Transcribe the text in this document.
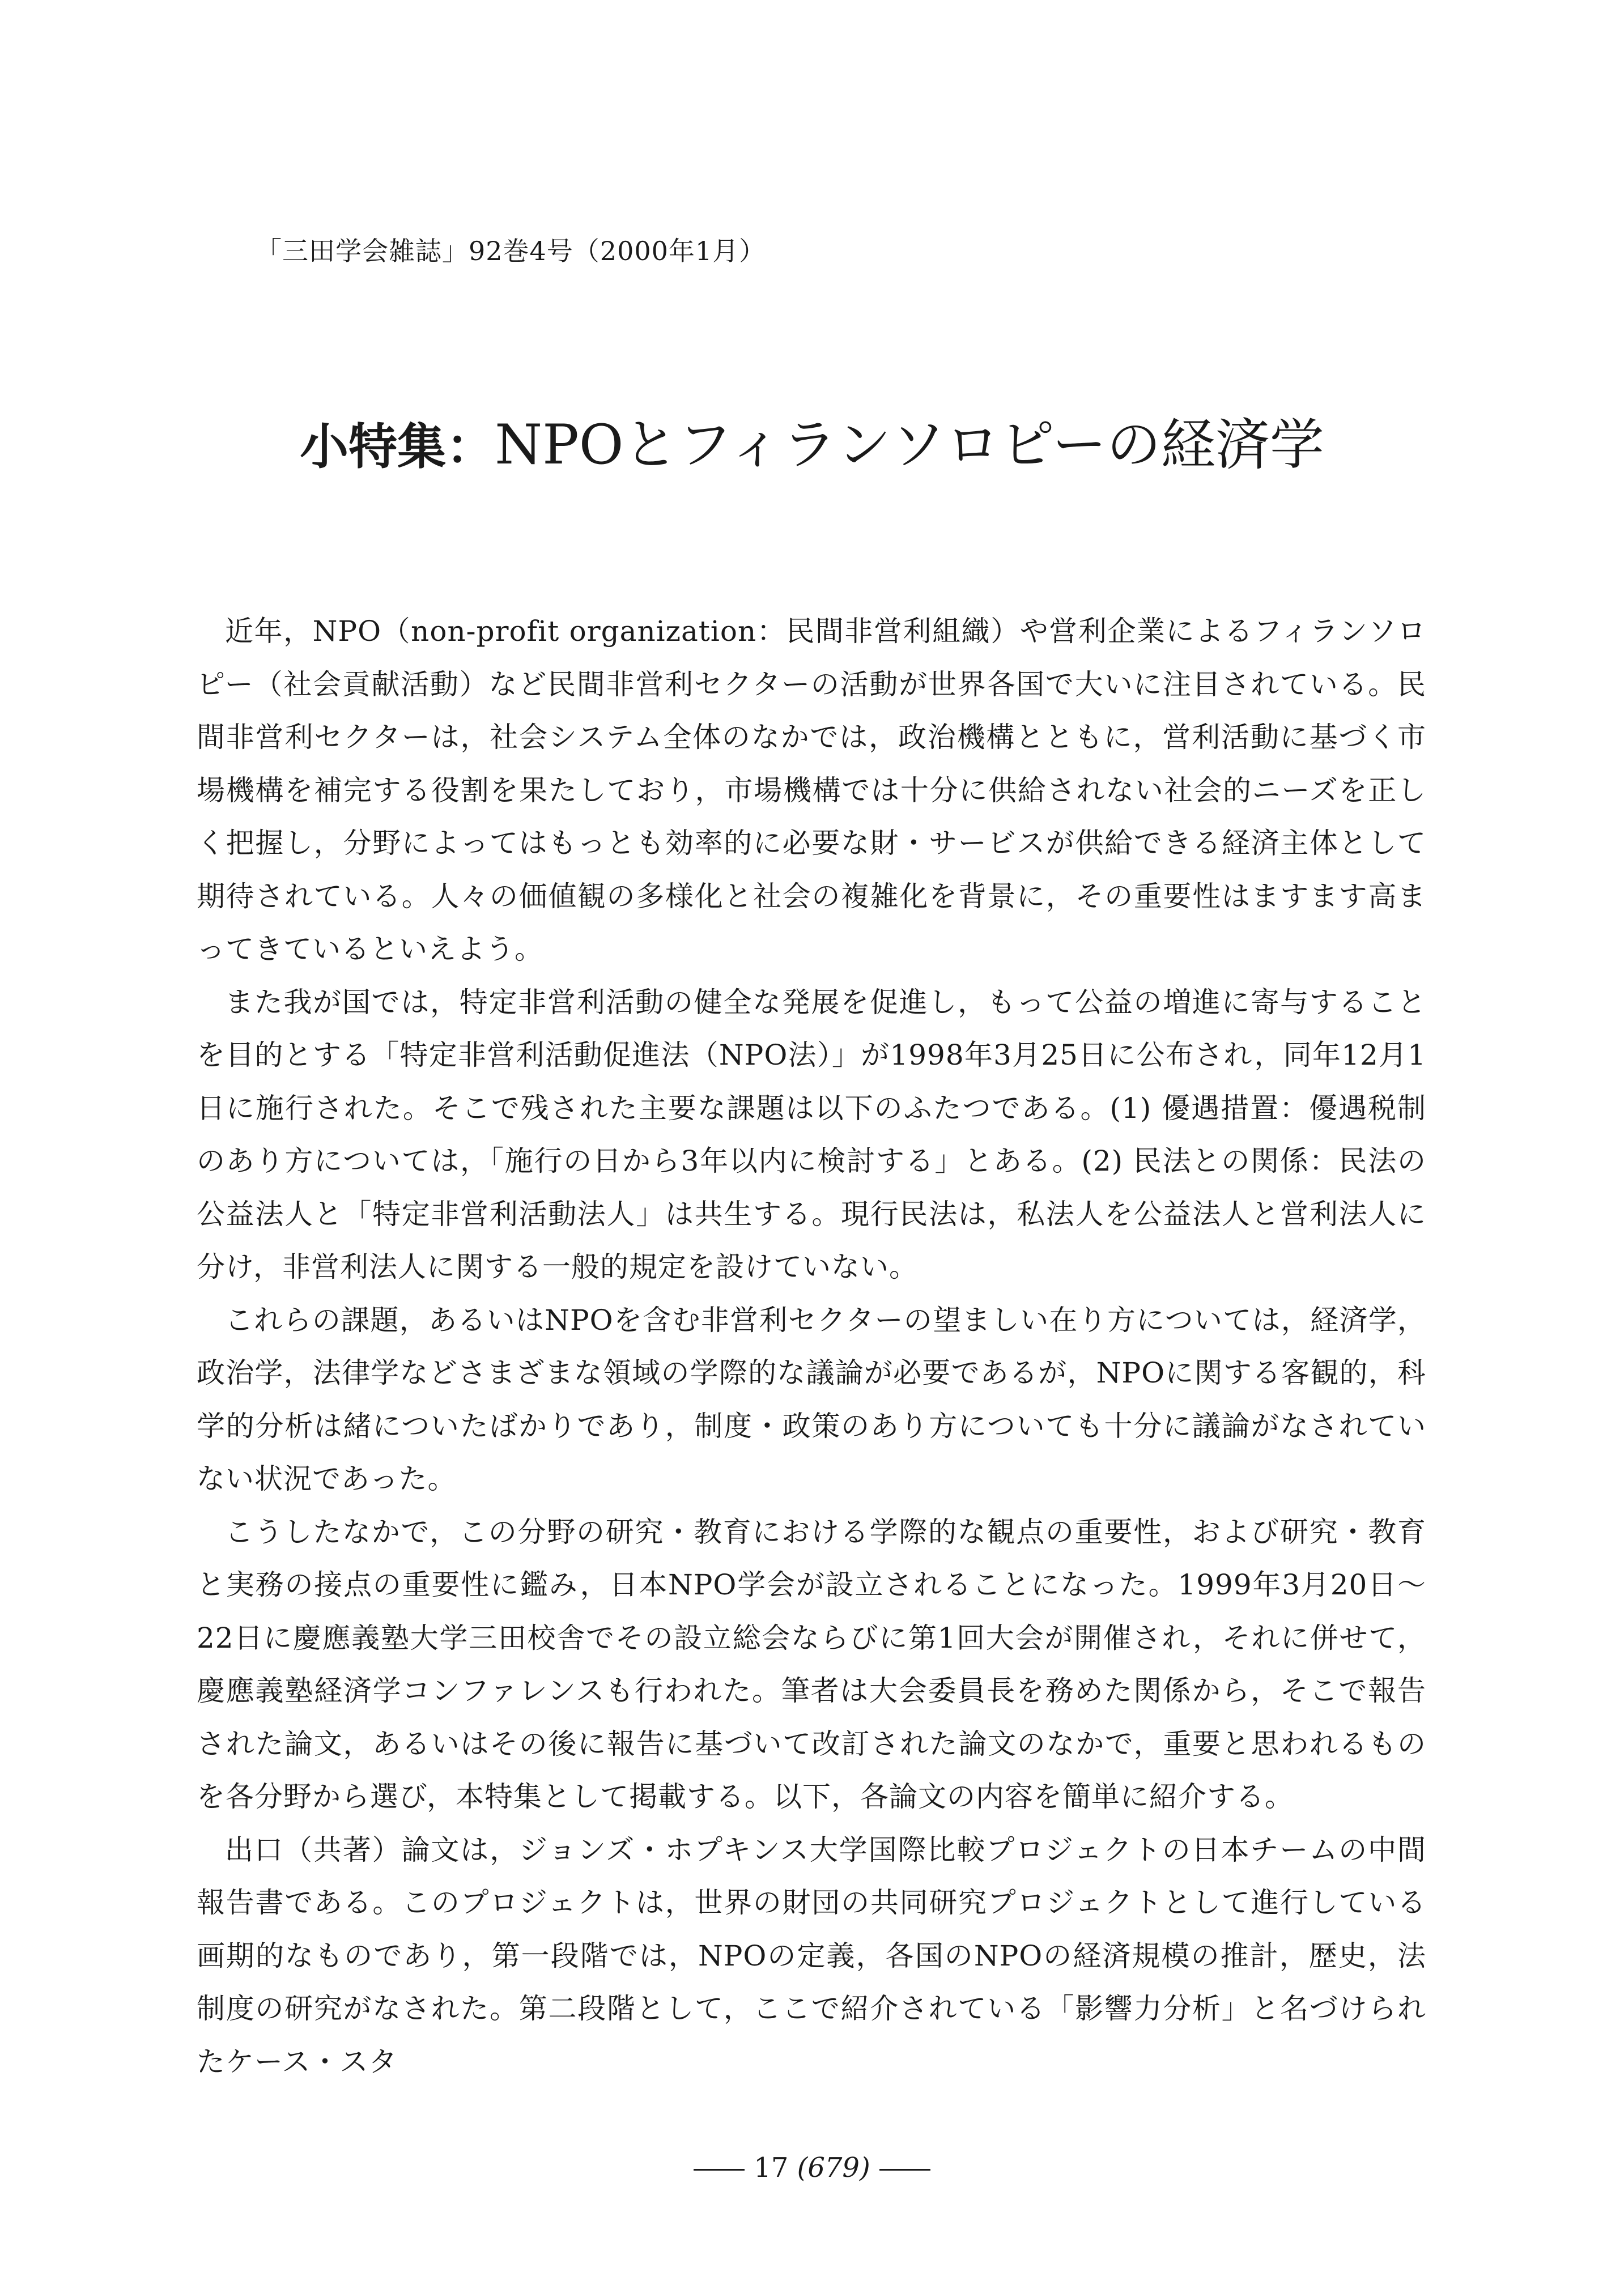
「三田学会雑誌」92巻4号（2000年1月）
小特集：NPOとフィランソロピーの経済学

近年，NPO（non-profit organization：民間非営利組織）や営利企業によるフィランソロピー（社会貢献活動）など民間非営利セクターの活動が世界各国で大いに注目されている。民間非営利セクターは，社会システム全体のなかでは，政治機構とともに，営利活動に基づく市場機構を補完する役割を果たしており，市場機構では十分に供給されない社会的ニーズを正しく把握し，分野によってはもっとも効率的に必要な財・サービスが供給できる経済主体として期待されている。人々の価値観の多様化と社会の複雑化を背景に，その重要性はますます高まってきているといえよう。

また我が国では，特定非営利活動の健全な発展を促進し，もって公益の増進に寄与することを目的とする「特定非営利活動促進法（NPO法）」が1998年3月25日に公布され，同年12月1日に施行された。そこで残された主要な課題は以下のふたつである。(1) 優遇措置：優遇税制のあり方については，「施行の日から3年以内に検討する」とある。(2) 民法との関係：民法の公益法人と「特定非営利活動法人」は共生する。現行民法は，私法人を公益法人と営利法人に分け，非営利法人に関する一般的規定を設けていない。

これらの課題，あるいはNPOを含む非営利セクターの望ましい在り方については，経済学，政治学，法律学などさまざまな領域の学際的な議論が必要であるが，NPOに関する客観的，科学的分析は緒についたばかりであり，制度・政策のあり方についても十分に議論がなされていない状況であった。

こうしたなかで，この分野の研究・教育における学際的な観点の重要性，および研究・教育と実務の接点の重要性に鑑み，日本NPO学会が設立されることになった。1999年3月20日～22日に慶應義塾大学三田校舎でその設立総会ならびに第1回大会が開催され，それに併せて，慶應義塾経済学コンファレンスも行われた。筆者は大会委員長を務めた関係から，そこで報告された論文，あるいはその後に報告に基づいて改訂された論文のなかで，重要と思われるものを各分野から選び，本特集として掲載する。以下，各論文の内容を簡単に紹介する。

出口（共著）論文は，ジョンズ・ホプキンス大学国際比較プロジェクトの日本チームの中間報告書である。このプロジェクトは，世界の財団の共同研究プロジェクトとして進行している画期的なものであり，第一段階では，NPOの定義，各国のNPOの経済規模の推計，歴史，法制度の研究がなされた。第二段階として，ここで紹介されている「影響力分析」と名づけられたケース・スタ

17 (679)
